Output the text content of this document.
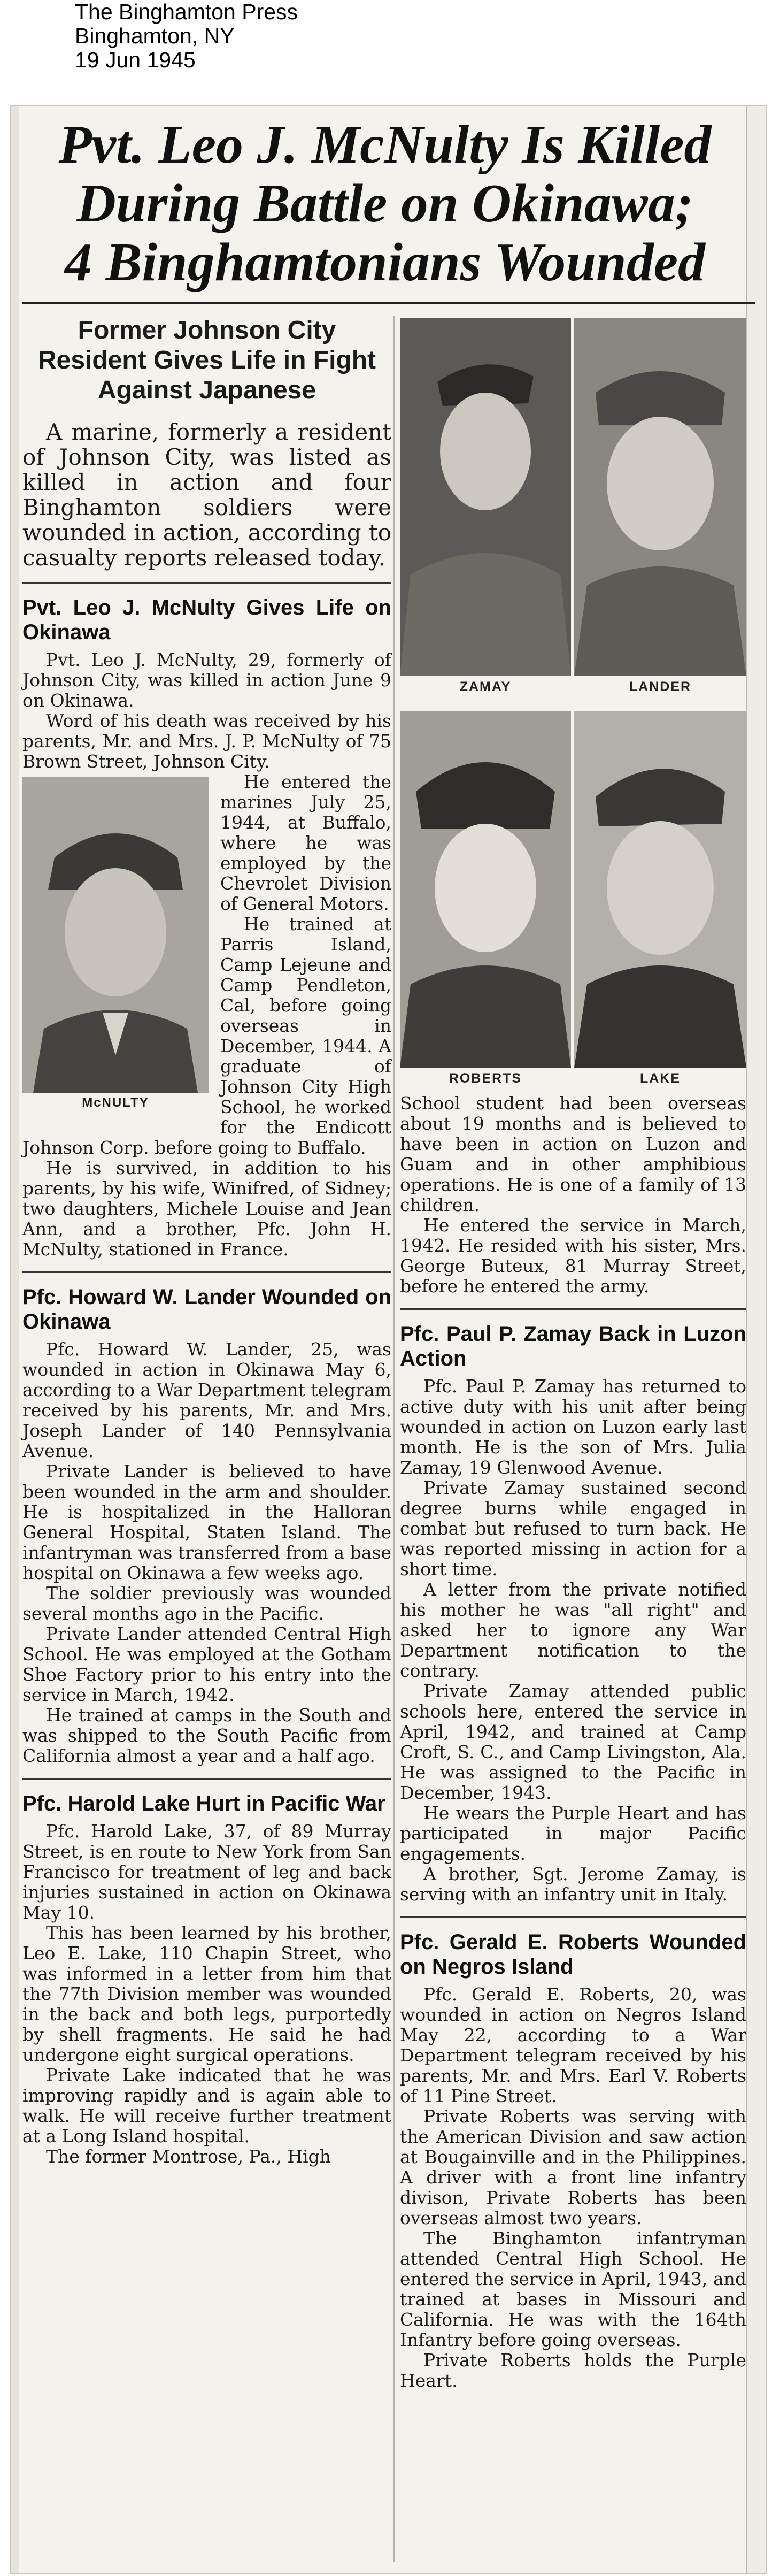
The Binghamton Press
Binghamton, NY
19 Jun 1945
Pvt. Leo J. McNulty Is Killed
During Battle on Okinawa;
4 Binghamtonians Wounded
Former Johnson City Resident Gives Life in Fight Against Japanese

A marine, formerly a resident of Johnson City, was listed as killed in action and four Binghamton soldiers were wounded in action, according to casualty reports released today.

Pvt. Leo J. McNulty Gives Life on Okinawa

Pvt. Leo J. McNulty, 29, formerly of Johnson City, was killed in action June 9 on Okinawa.

Word of his death was received by his parents, Mr. and Mrs. J. P. McNulty of 75 Brown Street, Johnson City.

McNULTY

He entered the marines July 25, 1944, at Buffalo, where he was employed by the Chevrolet Division of General Motors.

He trained at Parris Island, Camp Lejeune and Camp Pendleton, Cal, before going overseas in December, 1944. A graduate of Johnson City High School, he worked for the Endicott Johnson Corp. before going to Buffalo.

He is survived, in addition to his parents, by his wife, Winifred, of Sidney; two daughters, Michele Louise and Jean Ann, and a brother, Pfc. John H. McNulty, stationed in France.

Pfc. Howard W. Lander Wounded on Okinawa

Pfc. Howard W. Lander, 25, was wounded in action in Okinawa May 6, according to a War Department telegram received by his parents, Mr. and Mrs. Joseph Lander of 140 Pennsylvania Avenue.

Private Lander is believed to have been wounded in the arm and shoulder. He is hospitalized in the Halloran General Hospital, Staten Island. The infantryman was transferred from a base hospital on Okinawa a few weeks ago.

The soldier previously was wounded several months ago in the Pacific.

Private Lander attended Central High School. He was employed at the Gotham Shoe Factory prior to his entry into the service in March, 1942.

He trained at camps in the South and was shipped to the South Pacific from California almost a year and a half ago.

Pfc. Harold Lake Hurt in Pacific War

Pfc. Harold Lake, 37, of 89 Murray Street, is en route to New York from San Francisco for treatment of leg and back injuries sustained in action on Okinawa May 10.

This has been learned by his brother, Leo E. Lake, 110 Chapin Street, who was informed in a letter from him that the 77th Division member was wounded in the back and both legs, purportedly by shell fragments. He said he had undergone eight surgical operations.

Private Lake indicated that he was improving rapidly and is again able to walk. He will receive further treatment at a Long Island hospital.

The former Montrose, Pa., High

ZAMAY	LANDER
ROBERTS	LAKE

School student had been overseas about 19 months and is believed to have been in action on Luzon and Guam and in other amphibious operations. He is one of a family of 13 children.

He entered the service in March, 1942. He resided with his sister, Mrs. George Buteux, 81 Murray Street, before he entered the army.

Pfc. Paul P. Zamay Back in Luzon Action

Pfc. Paul P. Zamay has returned to active duty with his unit after being wounded in action on Luzon early last month. He is the son of Mrs. Julia Zamay, 19 Glenwood Avenue.

Private Zamay sustained second degree burns while engaged in combat but refused to turn back. He was reported missing in action for a short time.

A letter from the private notified his mother he was "all right" and asked her to ignore any War Department notification to the contrary.

Private Zamay attended public schools here, entered the service in April, 1942, and trained at Camp Croft, S. C., and Camp Livingston, Ala. He was assigned to the Pacific in December, 1943.

He wears the Purple Heart and has participated in major Pacific engagements.

A brother, Sgt. Jerome Zamay, is serving with an infantry unit in Italy.

Pfc. Gerald E. Roberts Wounded on Negros Island

Pfc. Gerald E. Roberts, 20, was wounded in action on Negros Island May 22, according to a War Department telegram received by his parents, Mr. and Mrs. Earl V. Roberts of 11 Pine Street.

Private Roberts was serving with the American Division and saw action at Bougainville and in the Philippines. A driver with a front line infantry divison, Private Roberts has been overseas almost two years.

The Binghamton infantryman attended Central High School. He entered the service in April, 1943, and trained at bases in Missouri and California. He was with the 164th Infantry before going overseas.

Private Roberts holds the Purple Heart.
